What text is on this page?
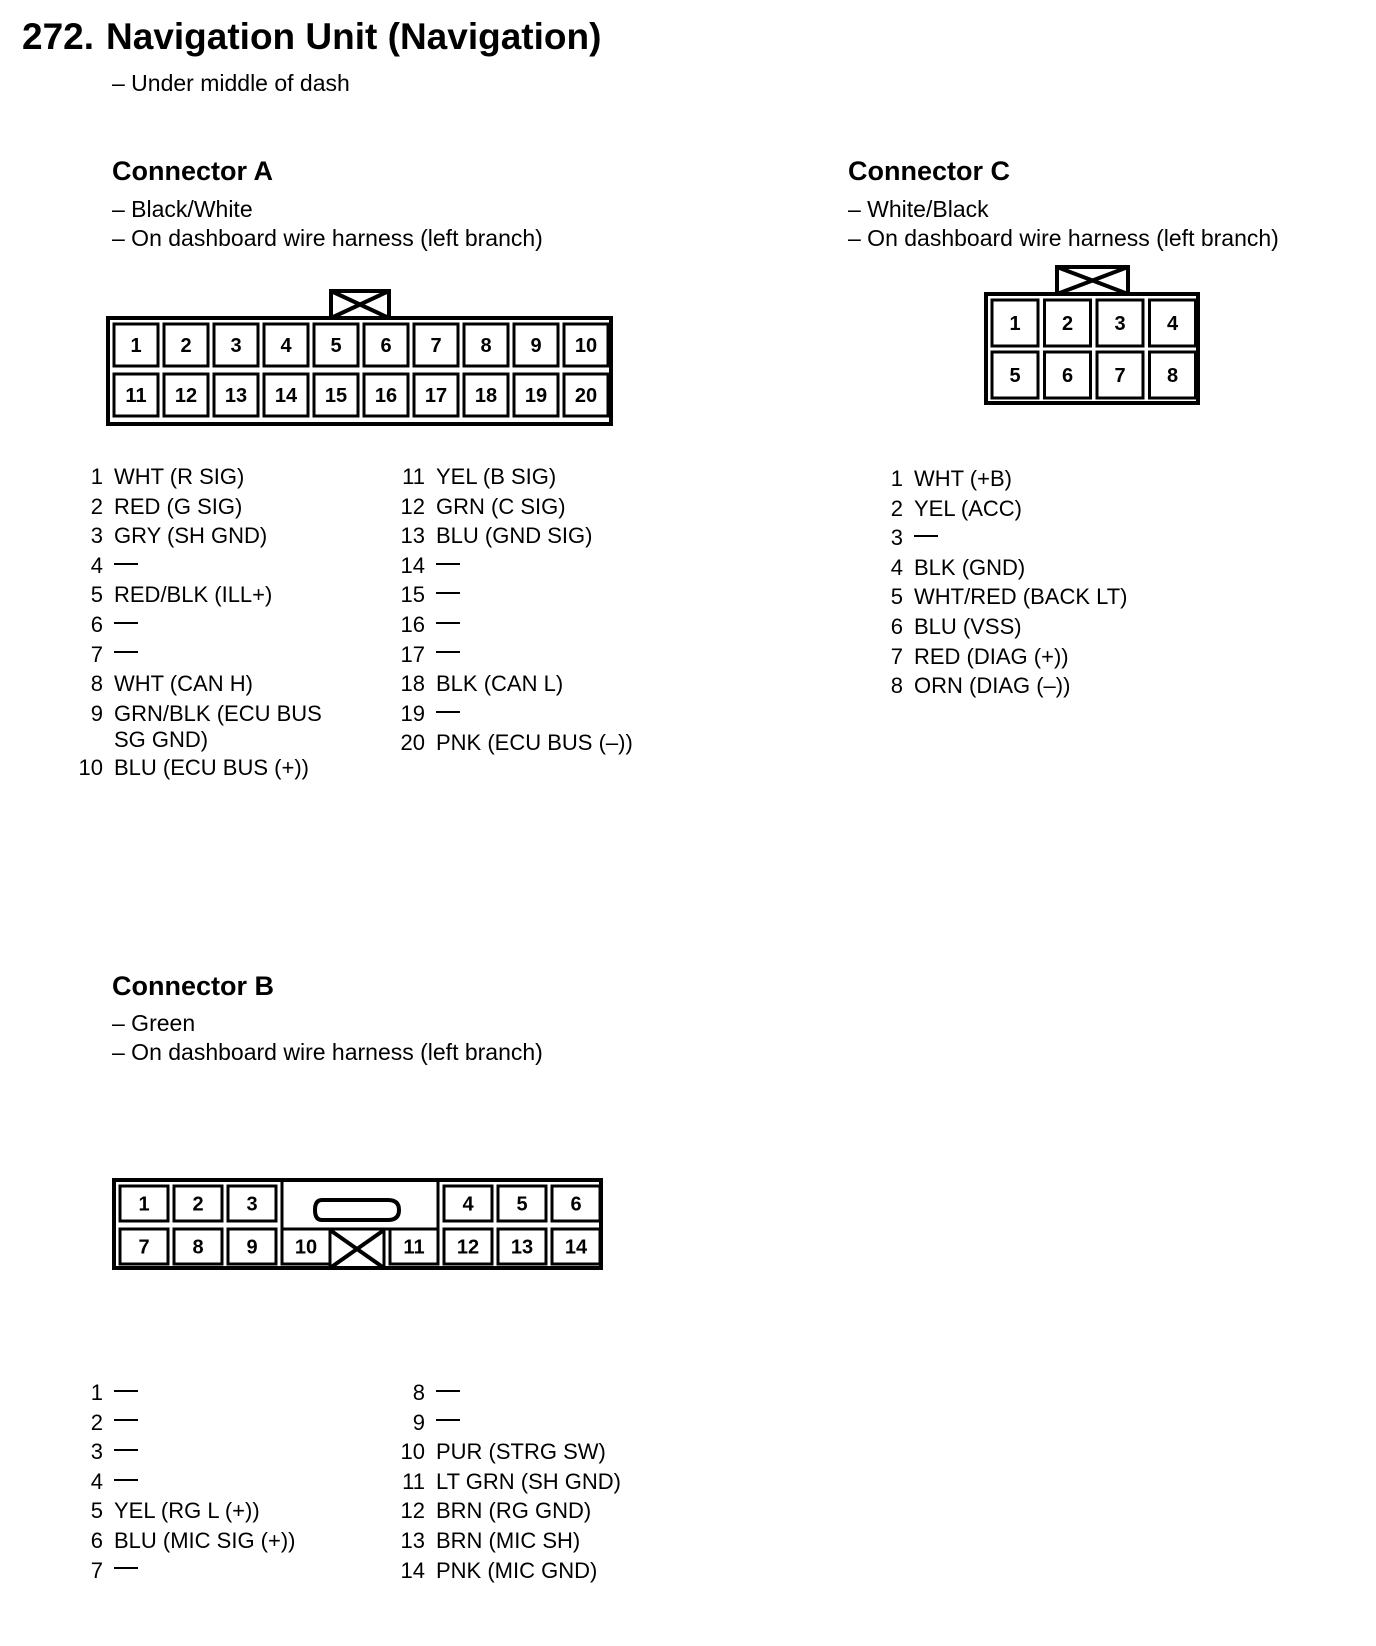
272. Navigation Unit (Navigation)
– Under middle of dash
Connector A
– Black/White
– On dashboard wire harness (left branch)
1 2 3 4 5 6 7 8 9 10
11 12 13 14 15 16 17 18 19 20
1 2 3 4
5 6 7 8
1 2 3	4 5 6
7 8 9 10	11 12 13 14
1 WHT (R SIG)
2 RED (G SIG)
3 GRY (SH GND)
4
5 RED/BLK (ILL+)
6
7
8 WHT (CAN H)
9 GRN/BLK (ECU BUS SG GND)
10 BLU (ECU BUS (+))
11 YEL (B SIG)
12 GRN (C SIG)
13 BLU (GND SIG)
14
15
16
17
18 BLK (CAN L)
19
20 PNK (ECU BUS (–))
Connector C
– White/Black
– On dashboard wire harness (left branch)
1 WHT (+B)
2 YEL (ACC)
3
4 BLK (GND)
5 WHT/RED (BACK LT)
6 BLU (VSS)
7 RED (DIAG (+))
8 ORN (DIAG (–))
Connector B
– Green
– On dashboard wire harness (left branch)
1
2
3
4
5 YEL (RG L (+))
6 BLU (MIC SIG (+))
7
8
9
10 PUR (STRG SW)
11 LT GRN (SH GND)
12 BRN (RG GND)
13 BRN (MIC SH)
14 PNK (MIC GND)
